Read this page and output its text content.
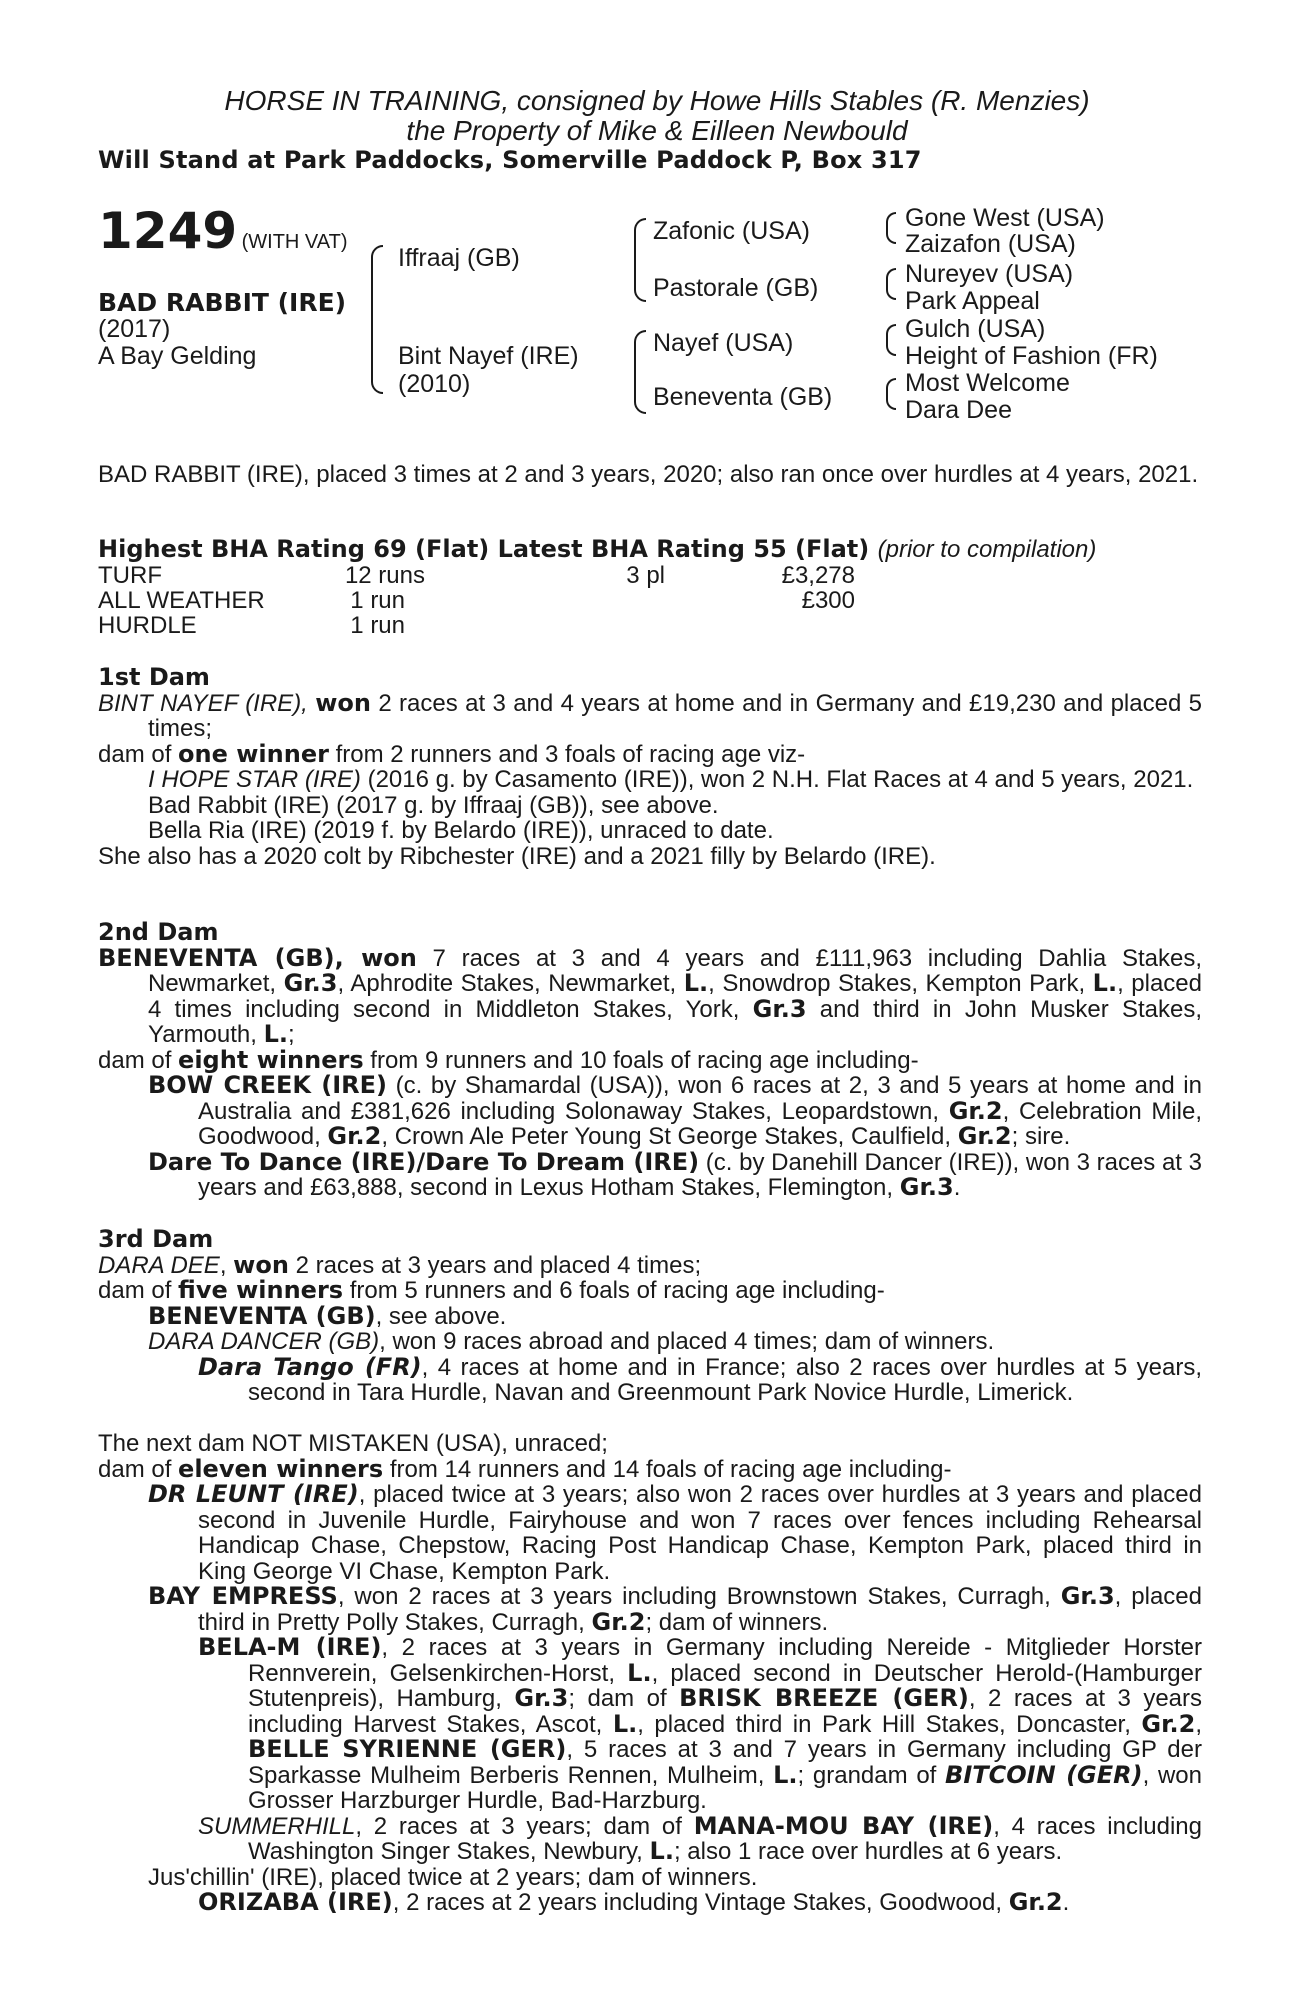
HORSE IN TRAINING, consigned by Howe Hills Stables (R. Menzies)
the Property of Mike & Eilleen Newbould
Will Stand at Park Paddocks, Somerville Paddock P, Box 317
1249 (WITH VAT)
BAD RABBIT (IRE)
(2017)
A Bay Gelding
Iffraaj (GB)
Bint Nayef (IRE)
(2010)
Zafonic (USA)
Pastorale (GB)
Nayef (USA)
Beneventa (GB)
Gone West (USA)
Zaizafon (USA)
Nureyev (USA)
Park Appeal
Gulch (USA)
Height of Fashion (FR)
Most Welcome
Dara Dee

BAD RABBIT (IRE), placed 3 times at 2 and 3 years, 2020; also ran once over hurdles at 4 years, 2021.

Highest BHA Rating 69 (Flat) Latest BHA Rating 55 (Flat) (prior to compilation)

TURF	12 runs	3 pl	£3,278
ALL WEATHER	1 run	£300
HURDLE	1 run

1st Dam

BINT NAYEF (IRE), won 2 races at 3 and 4 years at home and in Germany and £19,230 and placed 5 times;

dam of one winner from 2 runners and 3 foals of racing age viz-

I HOPE STAR (IRE) (2016 g. by Casamento (IRE)), won 2 N.H. Flat Races at 4 and 5 years, 2021.

Bad Rabbit (IRE) (2017 g. by Iffraaj (GB)), see above.

Bella Ria (IRE) (2019 f. by Belardo (IRE)), unraced to date.

She also has a 2020 colt by Ribchester (IRE) and a 2021 filly by Belardo (IRE).

2nd Dam

BENEVENTA (GB), won 7 races at 3 and 4 years and £111,963 including Dahlia Stakes, Newmarket, Gr.3, Aphrodite Stakes, Newmarket, L., Snowdrop Stakes, Kempton Park, L., placed 4 times including second in Middleton Stakes, York, Gr.3 and third in John Musker Stakes, Yarmouth, L.;

dam of eight winners from 9 runners and 10 foals of racing age including-

BOW CREEK (IRE) (c. by Shamardal (USA)), won 6 races at 2, 3 and 5 years at home and in Australia and £381,626 including Solonaway Stakes, Leopardstown, Gr.2, Celebration Mile, Goodwood, Gr.2, Crown Ale Peter Young St George Stakes, Caulfield, Gr.2; sire.

Dare To Dance (IRE)/Dare To Dream (IRE) (c. by Danehill Dancer (IRE)), won 3 races at 3 years and £63,888, second in Lexus Hotham Stakes, Flemington, Gr.3.

3rd Dam

DARA DEE, won 2 races at 3 years and placed 4 times;

dam of five winners from 5 runners and 6 foals of racing age including-

BENEVENTA (GB), see above.

DARA DANCER (GB), won 9 races abroad and placed 4 times; dam of winners.

Dara Tango (FR), 4 races at home and in France; also 2 races over hurdles at 5 years, second in Tara Hurdle, Navan and Greenmount Park Novice Hurdle, Limerick.

The next dam NOT MISTAKEN (USA), unraced;

dam of eleven winners from 14 runners and 14 foals of racing age including-

DR LEUNT (IRE), placed twice at 3 years; also won 2 races over hurdles at 3 years and placed second in Juvenile Hurdle, Fairyhouse and won 7 races over fences including Rehearsal Handicap Chase, Chepstow, Racing Post Handicap Chase, Kempton Park, placed third in King George VI Chase, Kempton Park.

BAY EMPRESS, won 2 races at 3 years including Brownstown Stakes, Curragh, Gr.3, placed third in Pretty Polly Stakes, Curragh, Gr.2; dam of winners.

BELA-M (IRE), 2 races at 3 years in Germany including Nereide - Mitglieder Horster Rennverein, Gelsenkirchen-Horst, L., placed second in Deutscher Herold-(Hamburger Stutenpreis), Hamburg, Gr.3; dam of BRISK BREEZE (GER), 2 races at 3 years including Harvest Stakes, Ascot, L., placed third in Park Hill Stakes, Doncaster, Gr.2, BELLE SYRIENNE (GER), 5 races at 3 and 7 years in Germany including GP der Sparkasse Mulheim Berberis Rennen, Mulheim, L.; grandam of BITCOIN (GER), won Grosser Harzburger Hurdle, Bad-Harzburg.

SUMMERHILL, 2 races at 3 years; dam of MANA-MOU BAY (IRE), 4 races including Washington Singer Stakes, Newbury, L.; also 1 race over hurdles at 6 years.

Jus'chillin' (IRE), placed twice at 2 years; dam of winners.

ORIZABA (IRE), 2 races at 2 years including Vintage Stakes, Goodwood, Gr.2.
